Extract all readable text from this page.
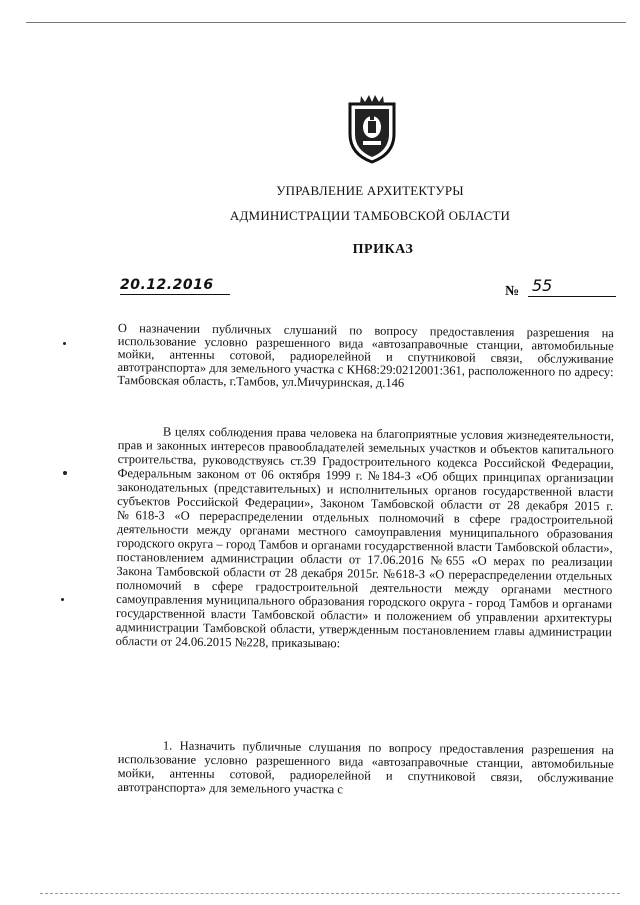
УПРАВЛЕНИЕ АРХИТЕКТУРЫ
АДМИНИСТРАЦИИ ТАМБОВСКОЙ ОБЛАСТИ
ПРИКАЗ
20.12.2016	№ 55
О назначении публичных слушаний по вопросу предоставления разрешения на использование условно разрешенного вида «автозаправочные станции, автомобильные мойки, антенны сотовой, радиорелейной и спутниковой связи, обслуживание автотранспорта» для земельного участка с КН68:29:0212001:361, расположенного по адресу: Тамбовская область, г.Тамбов, ул.Мичуринская, д.146
В целях соблюдения права человека на благоприятные условия жизнедеятельности, прав и законных интересов правообладателей земельных участков и объектов капитального строительства, руководствуясь ст.39 Градостроительного кодекса Российской Федерации, Федеральным законом от 06 октября 1999 г. №184-З «Об общих принципах организации законодательных (представительных) и исполнительных органов государственной власти субъектов Российской Федерации», Законом Тамбовской области от 28 декабря 2015 г. №618-З «О перераспределении отдельных полномочий в сфере градостроительной деятельности между органами местного самоуправления муниципального образования городского округа – город Тамбов и органами государственной власти Тамбовской области», постановлением администрации области от 17.06.2016 №655 «О мерах по реализации Закона Тамбовской области от 28 декабря 2015г. №618-З «О перераспределении отдельных полномочий в сфере градостроительной деятельности между органами местного самоуправления муниципального образования городского округа - город Тамбов и органами государственной власти Тамбовской области» и положением об управлении архитектуры администрации Тамбовской области, утвержденным постановлением главы администрации области от 24.06.2015 №228, приказываю:
1. Назначить публичные слушания по вопросу предоставления разрешения на использование условно разрешенного вида «автозаправочные станции, автомобильные мойки, антенны сотовой, радиорелейной и спутниковой связи, обслуживание автотранспорта» для земельного участка с
